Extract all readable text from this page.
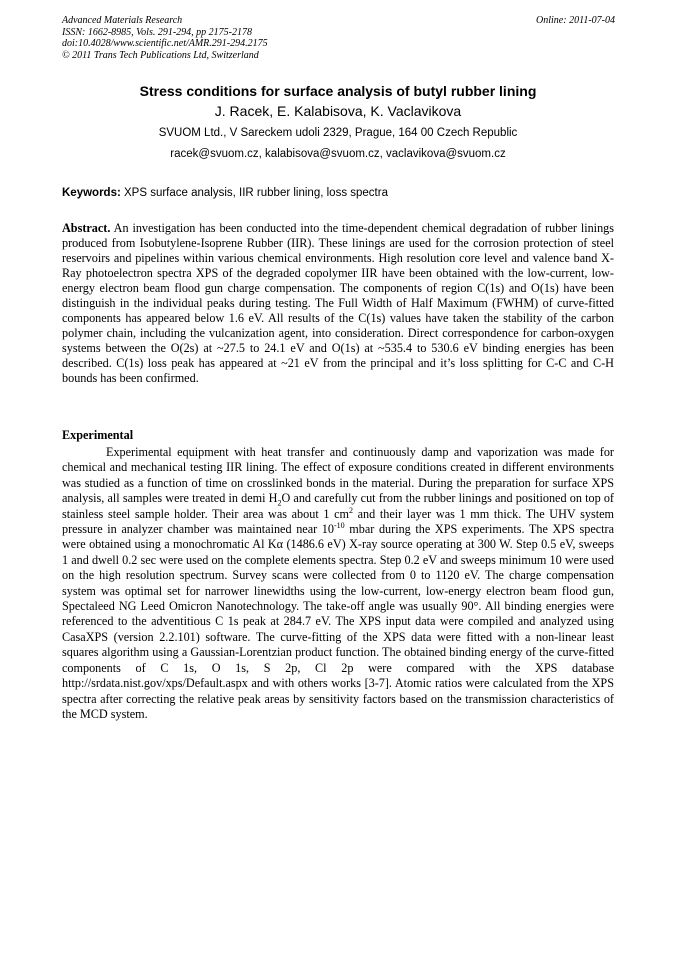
Advanced Materials Research
ISSN: 1662-8985, Vols. 291-294, pp 2175-2178
doi:10.4028/www.scientific.net/AMR.291-294.2175
© 2011 Trans Tech Publications Ltd, Switzerland
Online: 2011-07-04
Stress conditions for surface analysis of butyl rubber lining
J. Racek, E. Kalabisova, K. Vaclavikova
SVUOM Ltd., V Sareckem udoli 2329, Prague, 164 00 Czech Republic
racek@svuom.cz, kalabisova@svuom.cz, vaclavikova@svuom.cz
Keywords: XPS surface analysis, IIR rubber lining, loss spectra

Abstract. An investigation has been conducted into the time-dependent chemical degradation of rubber linings produced from Isobutylene-Isoprene Rubber (IIR). These linings are used for the corrosion protection of steel reservoirs and pipelines within various chemical environments. High resolution core level and valence band X-Ray photoelectron spectra XPS of the degraded copolymer IIR have been obtained with the low-current, low-energy electron beam flood gun charge compensation. The components of region C(1s) and O(1s) have been distinguish in the individual peaks during testing. The Full Width of Half Maximum (FWHM) of curve-fitted components has appeared below 1.6 eV. All results of the C(1s) values have taken the stability of the carbon polymer chain, including the vulcanization agent, into consideration. Direct correspondence for carbon-oxygen systems between the O(2s) at ~27.5 to 24.1 eV and O(1s) at ~535.4 to 530.6 eV binding energies has been described. C(1s) loss peak has appeared at ~21 eV from the principal and it’s loss splitting for C-C and C-H bounds has been confirmed.

Experimental

Experimental equipment with heat transfer and continuously damp and vaporization was made for chemical and mechanical testing IIR lining. The effect of exposure conditions created in different environments was studied as a function of time on crosslinked bonds in the material. During the preparation for surface XPS analysis, all samples were treated in demi $H_2O$ and carefully cut from the rubber linings and positioned on top of stainless steel sample holder. Their area was about 1 $cm^2$ and their layer was 1 mm thick. The UHV system pressure in analyzer chamber was maintained near $10^{-10}$ mbar during the XPS experiments. The XPS spectra were obtained using a monochromatic Al Kα (1486.6 eV) X-ray source operating at 300 W. Step 0.5 eV, sweeps 1 and dwell 0.2 sec were used on the complete elements spectra. Step 0.2 eV and sweeps minimum 10 were used on the high resolution spectrum. Survey scans were collected from 0 to 1120 eV. The charge compensation system was optimal set for narrower linewidths using the low-current, low-energy electron beam flood gun, Spectaleed NG Leed Omicron Nanotechnology. The take-off angle was usually 90°. All binding energies were referenced to the adventitious C 1s peak at 284.7 eV. The XPS input data were compiled and analyzed using CasaXPS (version 2.2.101) software. The curve-fitting of the XPS data were fitted with a non-linear least squares algorithm using a Gaussian-Lorentzian product function. The obtained binding energy of the curve-fitted components of C 1s, O 1s, S 2p, Cl 2p were compared with the XPS database http://srdata.nist.gov/xps/Default.aspx and with others works [3-7]. Atomic ratios were calculated from the XPS spectra after correcting the relative peak areas by sensitivity factors based on the transmission characteristics of the MCD system.
